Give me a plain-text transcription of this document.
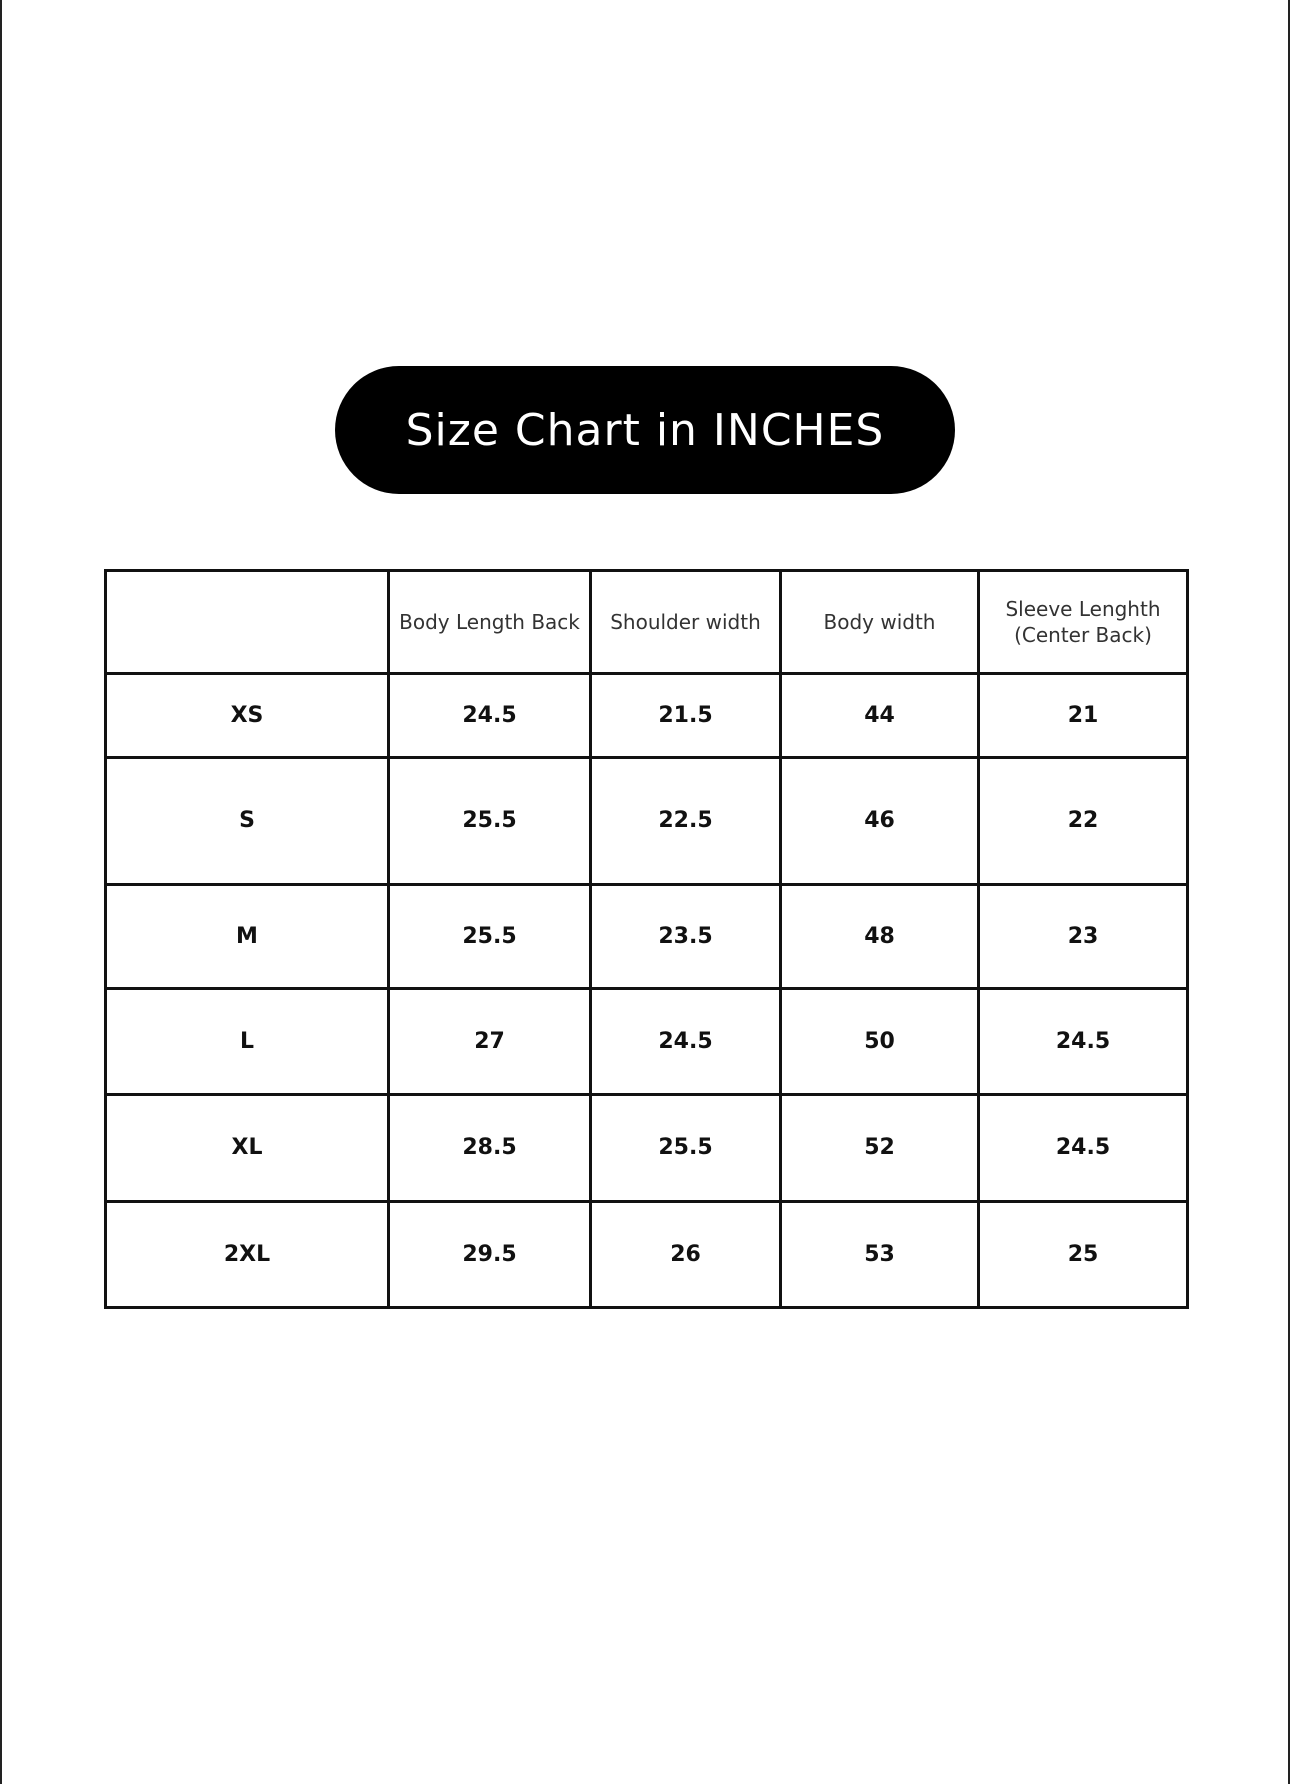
Size Chart in INCHES
	Body Length Back	Shoulder width	Body width	Sleeve Lenghth
(Center Back)

XS	24.5	21.5	44	21
S	25.5	22.5	46	22
M	25.5	23.5	48	23
L	27	24.5	50	24.5
XL	28.5	25.5	52	24.5
2XL	29.5	26	53	25
